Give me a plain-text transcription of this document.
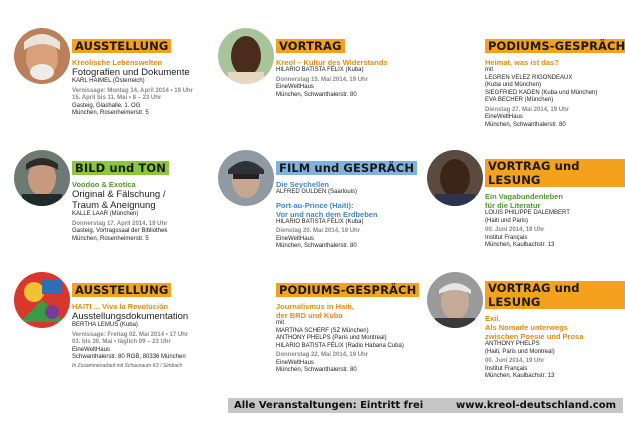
AUSSTELLUNG
Kreolische Lebenswelten
Fotografien und Dokumente
KARL HAIMEL (Österreich)
Vernissage: Montag 14. April 2014 • 19 Uhr
15. April bis 11. Mai • 8 – 23 Uhr
Gasteig, Glashalle, 1. OG
München, Rosenheimerstr. 5
VORTRAG
Kreol – Kultur des Widerstands
HILARIO BATISTA FÉLIX (Kuba)
Donnerstag 15. Mai 2014, 19 Uhr
EineWeltHaus
München, Schwanthalerstr. 80
PODIUMS-GESPRÄCH
Heimat, was ist das?
mit
LEGREN VELEZ RIGONDEAUX
(Kuba und München)
SIEGFRIED KADEN (Kuba und München)
EVA BECHER (München)
Dienstag 27. Mai 2014, 19 Uhr
EineWeltHaus
München, Schwanthalerstr. 80
BILD und TON
Voodoo & Exotica
Original & Fälschung /
Traum & Aneignung
KALLE LAAR (München)
Donnerstag 17. April 2014, 19 Uhr
Gasteig, Vortragssaal der Bibliothek
München, Rosenheimerstr. 5
FILM und GESPRÄCH
Die Seychellen
ALFRED GULDEN (Saarlouis)
Port-au-Prince (Haiti):
Vor und nach dem Erdbeben
HILARIO BATISTA FÉLIX (Kuba)
Dienstag 20. Mai 2014, 19 Uhr
EineWeltHaus
München, Schwanthalerstr. 80
VORTRAG und LESUNG
Ein Vagabundenleben
für die Literatur
LOUIS PHILIPPE DALEMBERT
(Haiti und Paris)
00. Juni 2014, 19 Uhr
Institut Français
München, Kaulbachstr. 13
AUSSTELLUNG
HAITI ... Viva la Revolución
Ausstellungsdokumentation
BERTHA LEMUS (Kuba)
Vernissage: Freitag 02. Mai 2014 • 17 Uhr
03. bis 30. Mai • täglich 09 – 23 Uhr
EineWeltHaus
Schwanthalerstr. 80 RGB, 80336 München
In Zusammenarbeit mit Schaunaum K3 / Simbach
PODIUMS-GESPRÄCH
Journalismus in Haiti,
der BRD und Kuba
mit
MARTINA SCHERF (SZ München)
ANTHONY PHELPS (Paris und Montreal)
HILARIO BATISTA FÉLIX (Radio Habana Cuba)
Donnerstag 22. Mai 2014, 19 Uhr
EineWeltHaus
München, Schwanthalerstr. 80
VORTRAG und LESUNG
Exil.
Als Nomade unterwegs
zwischen Poesie und Prosa
ANTHONY PHELPS
(Haiti, Paris und Montreal)
00. Juni 2014, 19 Uhr
Institut Français
München, Kaulbachstr. 13
Alle Veranstaltungen: Eintritt frei	www.kreol-deutschland.com
